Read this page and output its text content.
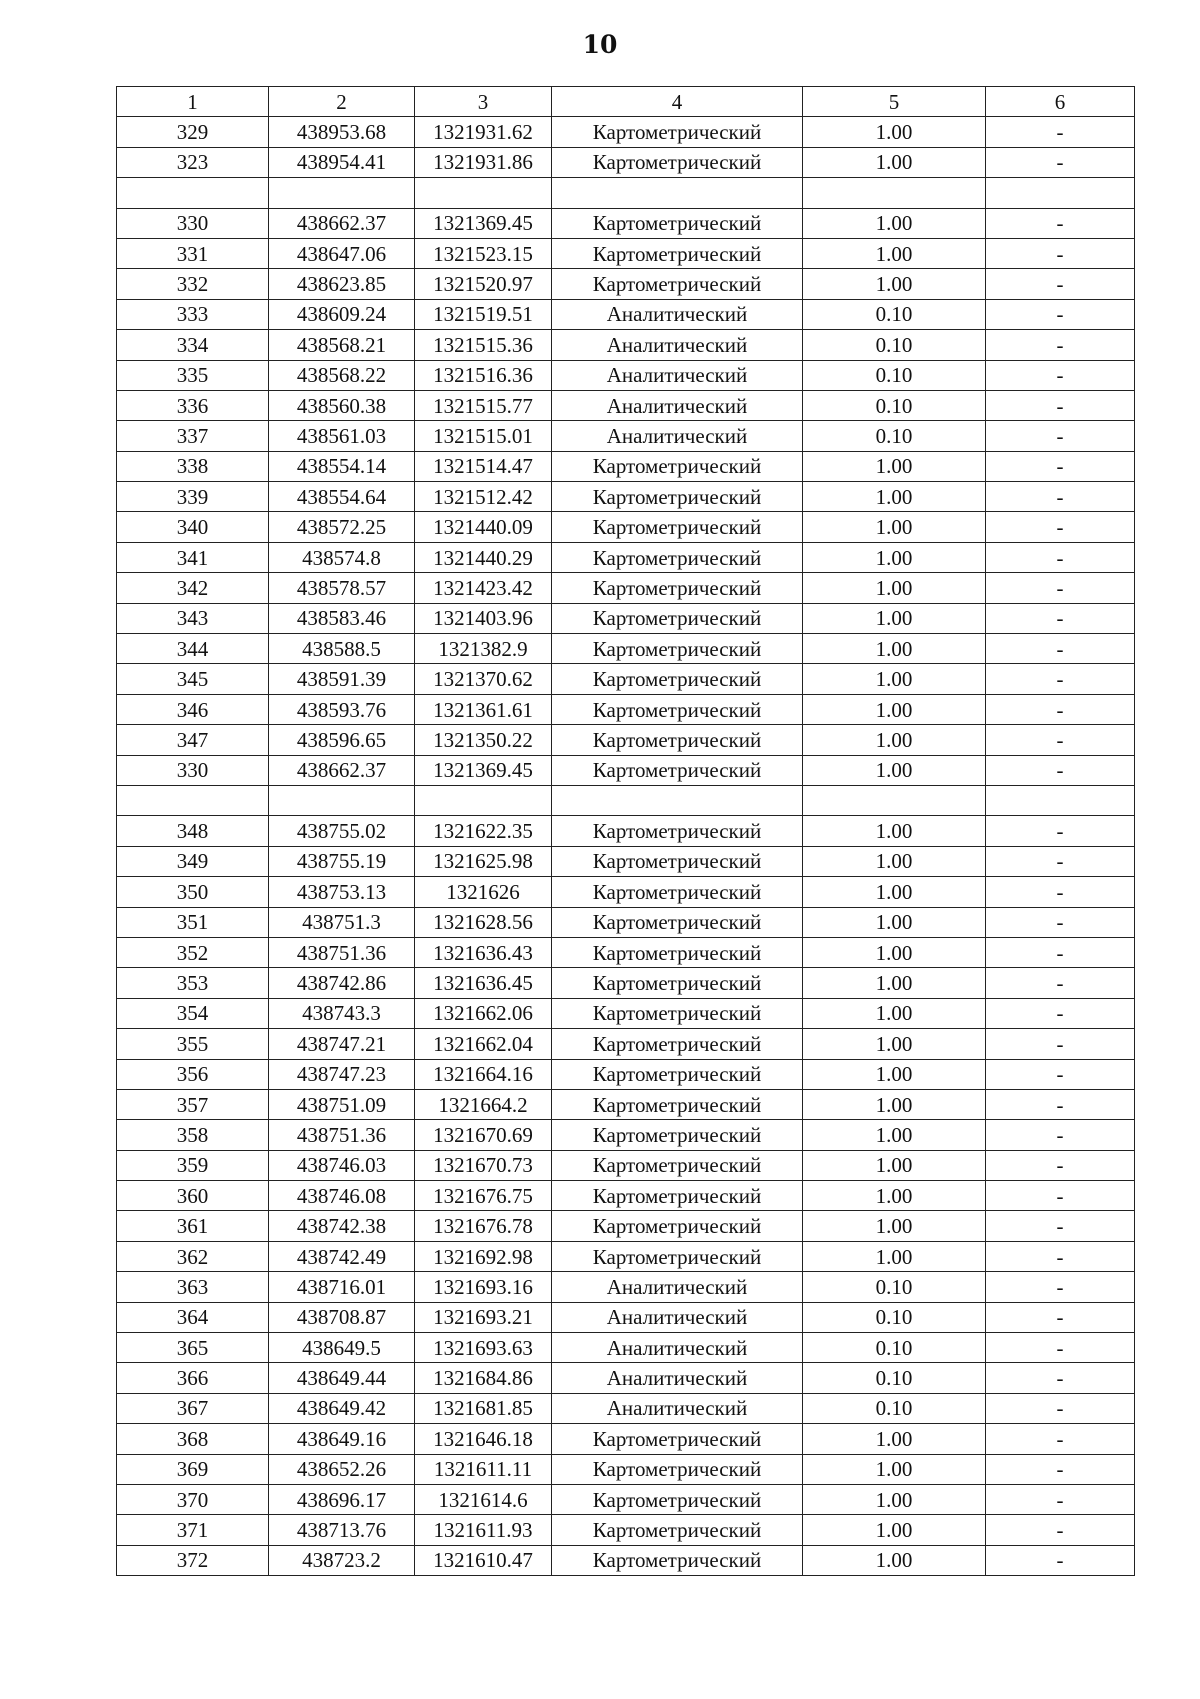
10
1	2	3	4	5	6
329	438953.68	1321931.62	Картометрический	1.00	-
323	438954.41	1321931.86	Картометрический	1.00	-

330	438662.37	1321369.45	Картометрический	1.00	-
331	438647.06	1321523.15	Картометрический	1.00	-
332	438623.85	1321520.97	Картометрический	1.00	-
333	438609.24	1321519.51	Аналитический	0.10	-
334	438568.21	1321515.36	Аналитический	0.10	-
335	438568.22	1321516.36	Аналитический	0.10	-
336	438560.38	1321515.77	Аналитический	0.10	-
337	438561.03	1321515.01	Аналитический	0.10	-
338	438554.14	1321514.47	Картометрический	1.00	-
339	438554.64	1321512.42	Картометрический	1.00	-
340	438572.25	1321440.09	Картометрический	1.00	-
341	438574.8	1321440.29	Картометрический	1.00	-
342	438578.57	1321423.42	Картометрический	1.00	-
343	438583.46	1321403.96	Картометрический	1.00	-
344	438588.5	1321382.9	Картометрический	1.00	-
345	438591.39	1321370.62	Картометрический	1.00	-
346	438593.76	1321361.61	Картометрический	1.00	-
347	438596.65	1321350.22	Картометрический	1.00	-
330	438662.37	1321369.45	Картометрический	1.00	-

348	438755.02	1321622.35	Картометрический	1.00	-
349	438755.19	1321625.98	Картометрический	1.00	-
350	438753.13	1321626	Картометрический	1.00	-
351	438751.3	1321628.56	Картометрический	1.00	-
352	438751.36	1321636.43	Картометрический	1.00	-
353	438742.86	1321636.45	Картометрический	1.00	-
354	438743.3	1321662.06	Картометрический	1.00	-
355	438747.21	1321662.04	Картометрический	1.00	-
356	438747.23	1321664.16	Картометрический	1.00	-
357	438751.09	1321664.2	Картометрический	1.00	-
358	438751.36	1321670.69	Картометрический	1.00	-
359	438746.03	1321670.73	Картометрический	1.00	-
360	438746.08	1321676.75	Картометрический	1.00	-
361	438742.38	1321676.78	Картометрический	1.00	-
362	438742.49	1321692.98	Картометрический	1.00	-
363	438716.01	1321693.16	Аналитический	0.10	-
364	438708.87	1321693.21	Аналитический	0.10	-
365	438649.5	1321693.63	Аналитический	0.10	-
366	438649.44	1321684.86	Аналитический	0.10	-
367	438649.42	1321681.85	Аналитический	0.10	-
368	438649.16	1321646.18	Картометрический	1.00	-
369	438652.26	1321611.11	Картометрический	1.00	-
370	438696.17	1321614.6	Картометрический	1.00	-
371	438713.76	1321611.93	Картометрический	1.00	-
372	438723.2	1321610.47	Картометрический	1.00	-
